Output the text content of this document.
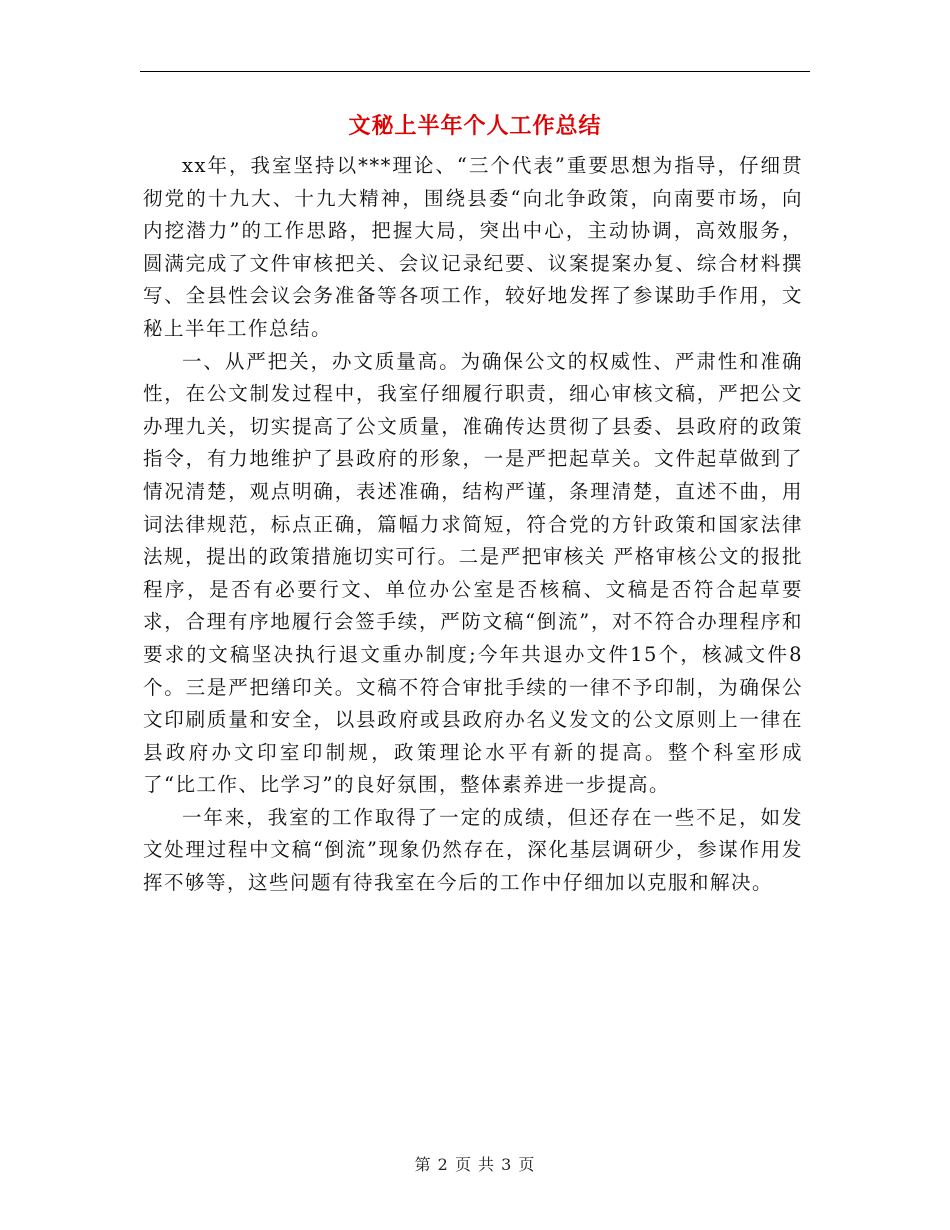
文秘上半年个人工作总结

xx年，我室坚持以***理论、“三个代表”重要思想为指导，仔细贯彻党的十九大、十九大精神，围绕县委“向北争政策，向南要市场，向内挖潜力”的工作思路，把握大局，突出中心，主动协调，高效服务，圆满完成了文件审核把关、会议记录纪要、议案提案办复、综合材料撰写、全县性会议会务准备等各项工作，较好地发挥了参谋助手作用，文秘上半年工作总结。

一、从严把关，办文质量高。为确保公文的权威性、严肃性和准确性，在公文制发过程中，我室仔细履行职责，细心审核文稿，严把公文办理九关，切实提高了公文质量，准确传达贯彻了县委、县政府的政策指令，有力地维护了县政府的形象，一是严把起草关。文件起草做到了情况清楚，观点明确，表述准确，结构严谨，条理清楚，直述不曲，用词法律规范，标点正确，篇幅力求简短，符合党的方针政策和国家法律法规，提出的政策措施切实可行。二是严把审核关 严格审核公文的报批程序，是否有必要行文、单位办公室是否核稿、文稿是否符合起草要求，合理有序地履行会签手续，严防文稿“倒流”，对不符合办理程序和要求的文稿坚决执行退文重办制度;今年共退办文件15个，核减文件8个。三是严把缮印关。文稿不符合审批手续的一律不予印制，为确保公文印刷质量和安全，以县政府或县政府办名义发文的公文原则上一律在县政府办文印室印制规，政策理论水平有新的提高。整个科室形成了“比工作、比学习”的良好氛围，整体素养进一步提高。

一年来，我室的工作取得了一定的成绩，但还存在一些不足，如发文处理过程中文稿“倒流”现象仍然存在，深化基层调研少，参谋作用发挥不够等，这些问题有待我室在今后的工作中仔细加以克服和解决。

第 2 页 共 3 页
